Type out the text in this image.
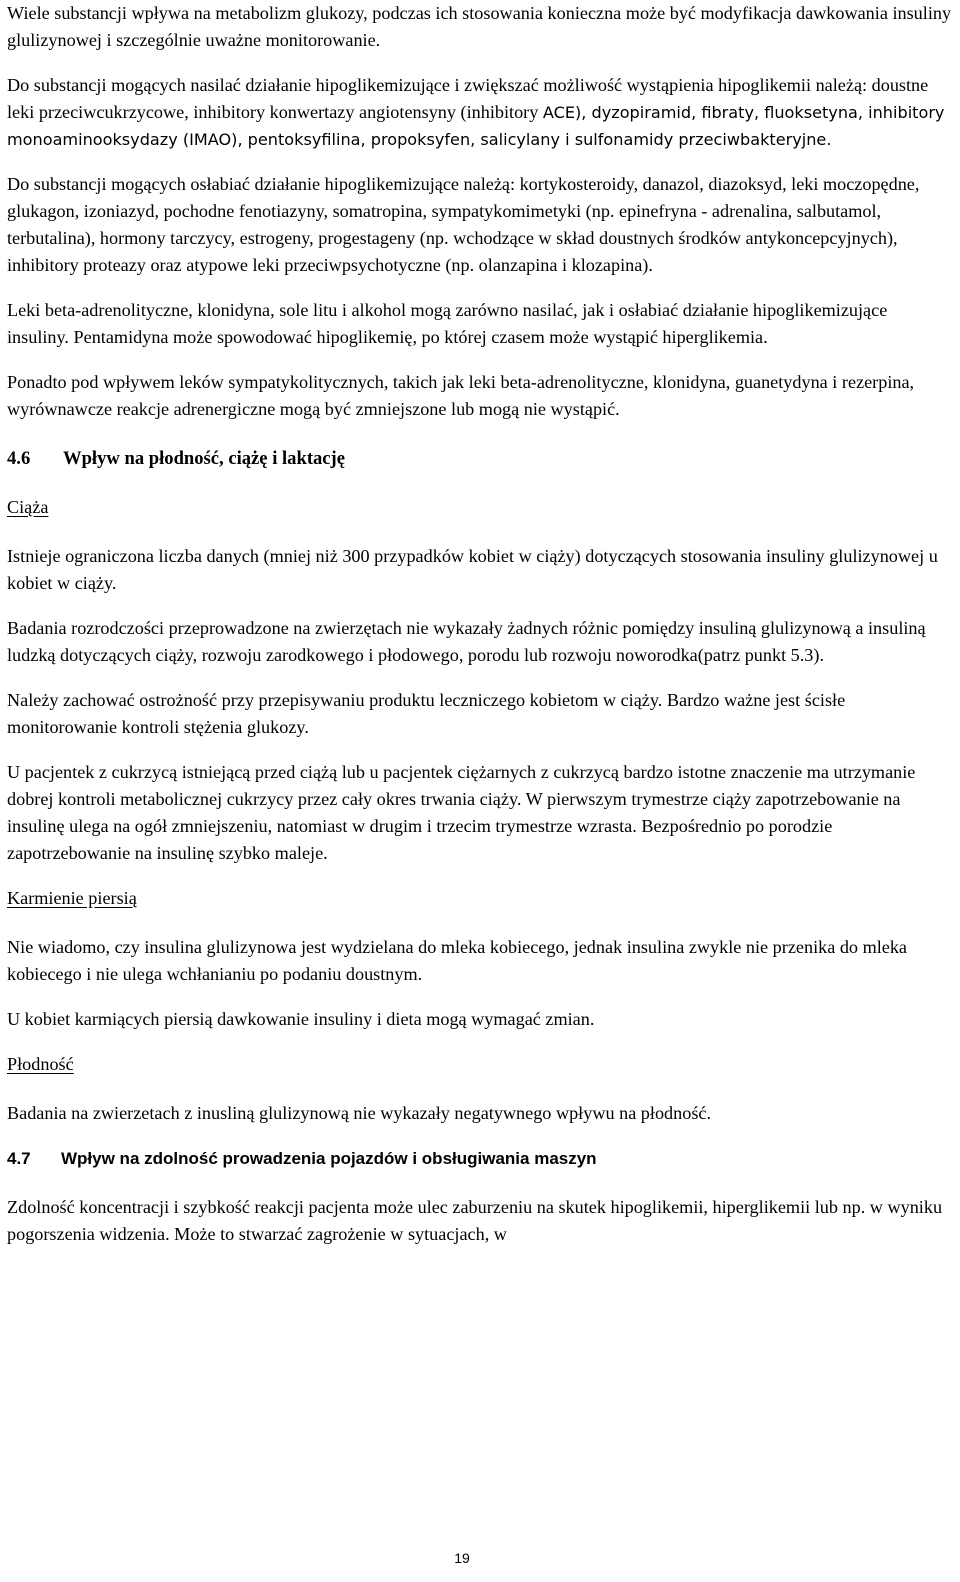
Wiele substancji wpływa na metabolizm glukozy, podczas ich stosowania konieczna może być modyfikacja dawkowania insuliny glulizynowej i szczególnie uważne monitorowanie.

Do substancji mogących nasilać działanie hipoglikemizujące i zwiększać możliwość wystąpienia hipoglikemii należą: doustne leki przeciwcukrzycowe, inhibitory konwertazy angiotensyny (inhibitory ACE), dyzopiramid, fibraty, fluoksetyna, inhibitory monoaminooksydazy (IMAO), pentoksyfilina, propoksyfen, salicylany i sulfonamidy przeciwbakteryjne.

Do substancji mogących osłabiać działanie hipoglikemizujące należą: kortykosteroidy, danazol, diazoksyd, leki moczopędne, glukagon, izoniazyd, pochodne fenotiazyny, somatropina, sympatykomimetyki (np. epinefryna - adrenalina, salbutamol, terbutalina), hormony tarczycy, estrogeny, progestageny (np. wchodzące w skład doustnych środków antykoncepcyjnych), inhibitory proteazy oraz atypowe leki przeciwpsychotyczne (np. olanzapina i klozapina).

Leki beta-adrenolityczne, klonidyna, sole litu i alkohol mogą zarówno nasilać, jak i osłabiać działanie hipoglikemizujące insuliny. Pentamidyna może spowodować hipoglikemię, po której czasem może wystąpić hiperglikemia.

Ponadto pod wpływem leków sympatykolitycznych, takich jak leki beta-adrenolityczne, klonidyna, guanetydyna i rezerpina, wyrównawcze reakcje adrenergiczne mogą być zmniejszone lub mogą nie wystąpić.

4.6	Wpływ na płodność, ciążę i laktację

Ciąża

Istnieje ograniczona liczba danych (mniej niż 300 przypadków kobiet w ciąży) dotyczących stosowania insuliny glulizynowej u kobiet w ciąży.

Badania rozrodczości przeprowadzone na zwierzętach nie wykazały żadnych różnic pomiędzy insuliną glulizynową a insuliną ludzką dotyczących ciąży, rozwoju zarodkowego i płodowego, porodu lub rozwoju noworodka(patrz punkt 5.3).

Należy zachować ostrożność przy przepisywaniu produktu leczniczego kobietom w ciąży. Bardzo ważne jest ścisłe monitorowanie kontroli stężenia glukozy.

U pacjentek z cukrzycą istniejącą przed ciążą lub u pacjentek ciężarnych z cukrzycą bardzo istotne znaczenie ma utrzymanie dobrej kontroli metabolicznej cukrzycy przez cały okres trwania ciąży. W pierwszym trymestrze ciąży zapotrzebowanie na insulinę ulega na ogół zmniejszeniu, natomiast w drugim i trzecim trymestrze wzrasta. Bezpośrednio po porodzie zapotrzebowanie na insulinę szybko maleje.

Karmienie piersią

Nie wiadomo, czy insulina glulizynowa jest wydzielana do mleka kobiecego, jednak insulina zwykle nie przenika do mleka kobiecego i nie ulega wchłanianiu po podaniu doustnym.

U kobiet karmiących piersią dawkowanie insuliny i dieta mogą wymagać zmian.

Płodność

Badania na zwierzetach z inusliną glulizynową nie wykazały negatywnego wpływu na płodność.

4.7	Wpływ na zdolność prowadzenia pojazdów i obsługiwania maszyn

Zdolność koncentracji i szybkość reakcji pacjenta może ulec zaburzeniu na skutek hipoglikemii, hiperglikemii lub np. w wyniku pogorszenia widzenia. Może to stwarzać zagrożenie w sytuacjach, w

19
